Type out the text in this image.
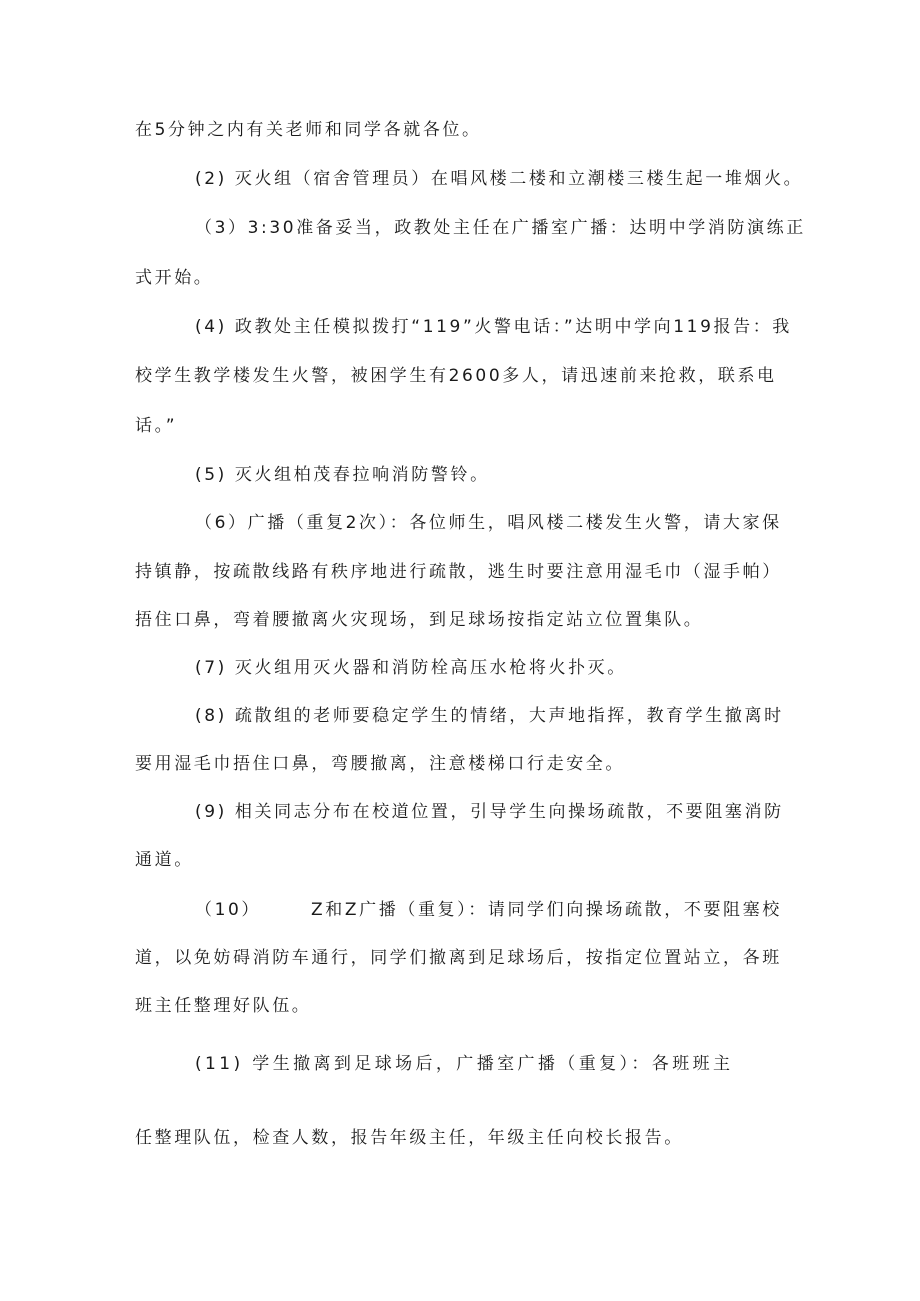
在5分钟之内有关老师和同学各就各位。

(2) 灭火组（宿舍管理员）在唱风楼二楼和立潮楼三楼生起一堆烟火。

（3）3:30准备妥当，政教处主任在广播室广播：达明中学消防演练正

式开始。

(4) 政教处主任模拟拨打“119”火警电话：”达明中学向119报告：我

校学生教学楼发生火警，被困学生有2600多人，请迅速前来抢救，联系电

话。”

(5) 灭火组柏茂春拉响消防警铃。

（6）广播（重复2次）：各位师生，唱风楼二楼发生火警，请大家保

持镇静，按疏散线路有秩序地进行疏散，逃生时要注意用湿毛巾（湿手帕）

捂住口鼻，弯着腰撤离火灾现场，到足球场按指定站立位置集队。

(7) 灭火组用灭火器和消防栓高压水枪将火扑灭。

(8) 疏散组的老师要稳定学生的情绪，大声地指挥，教育学生撤离时

要用湿毛巾捂住口鼻，弯腰撤离，注意楼梯口行走安全。

(9) 相关同志分布在校道位置，引导学生向操场疏散，不要阻塞消防

通道。

（10）	Z和Z广播（重复）：请同学们向操场疏散，不要阻塞校

道，以免妨碍消防车通行，同学们撤离到足球场后，按指定位置站立，各班

班主任整理好队伍。

(11) 学生撤离到足球场后，广播室广播（重复）：各班班主

任整理队伍，检查人数，报告年级主任，年级主任向校长报告。
